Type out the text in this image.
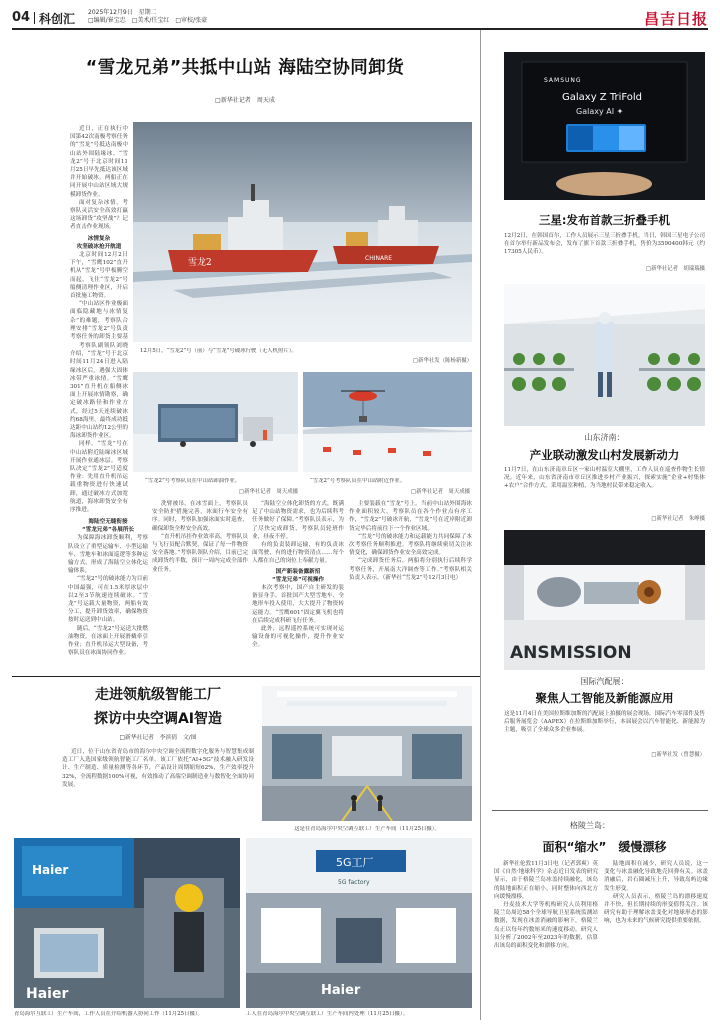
04 科创汇 2025年12月9日 星期二
□编辑/崔宝忠　□美术/任宝红　□审校/张豪	昌吉日报
“雪龙兄弟”共抵中山站 海陆空协同卸货
□新华社记者　周天成

近日，正在执行中国第42次南极考察任务的“雪龙”号抵达南极中山站外围陆缘冰。“雪龙2”号于北京时间11月25日早先抵达该区域并开始破冰。两船正在同开展中山站区域大规模卸货作业。

面对复杂冰情，考察队灵活安全高效打赢这场卸货“攻坚战”？记者直击作业现场。

冰情复杂

攻坚破冰抢开航道

北京时间12月2日下午，“雪鹰102”直升机从“雪龙”号甲板腾空而起，飞往“雪龙2”号船侧清理作业区，开启首批施工物资。

“中山站区作业极面面临隐藏地与冰情复杂”的难题，考察队合理安排“雪龙2”号负责考察任务的卸货主要基

雪龙2	CHINARE
12月5日，“雪龙2”号（前）与“雪龙”号破冰行驶（无人机照片）。
□新华社发（陈杨新摄）

考察队副领队刘晓介绍，“雪龙”号于北京时间11月24日进入陆缘冰区后，遇强大固体冰带严重冰情。“雪鹰301”直升机在船侧冰面上开展冰情勘察，确定破冰路径和作业方式，经过5天连续破冰约68海里，最终成功抵达距中山站约12公里的海冰卸货作业区。

同样，“雪龙”号在中山站附近陆缘冰区域开展作业通冰层。考察队决定“雪龙2”号适度作业：先用直升机吊运载重物资进行快速试卸，通过破冰方式加宽航道，海冰卸货安全有序推进。

“雪龙2”号考察队员在中山站卸油作业。
□新华社记者　周天成摄
“雪龙2”号考察队员在中山站附近作业。
□新华社记者　周天成摄

海陆空无缝衔接

“雪龙兄弟”各展所长

为保障海冰卸货顺利，考察队设立了重型运输车、小型运输车、雪地车和冰面巡逻等多种运输方式，形成了海陆空立体化运输体系。

“雪龙2”号的破冰能力为目前中国最强，可在1.5米厚冰层中以2至3节航速连续破冰。“雪龙”号运载大量物资，两船有效分工，提升卸货效率，确保物资按时运送到中山站。

随后，“雪龙2”号运送大批燃油物资，在冰面上开展滑橇牵引作业；直升机吊运大型设备，考察队员在冰面协同作业。

洗臂被吊。在冰雪面上，考察队员安全防护措施完善，冰面行车安全有序。同时，考察队加强冰面实时巡查，确保卸货全程安全高效。

“直升机吊挂作业效率高，考察队员与飞行员配合默契，保证了每一件物资安全落地。”考察队领队介绍，目前已完成卸货约半数，预计一周内完成全部作业任务。

“海陆空立体化卸货的方式，既满足了中山站物资需求，也为后续科考任务做好了保障。”考察队员表示，为了尽快完成卸货，考察队员轮班作业，昼夜不停。

有的负责装卸运输，有的负责冰面驾驶，有的进行物资清点……每个人都在自己的岗位上奉献力量。

国产新装备露新招

“雪龙兄弟”可视操作

本次考察中，国产自主研发的装备显身手。首批国产大型雪地车、全地形车投入使用，大大提升了物资转运能力。“雪鹰601”固定翼飞机也将在后续完成科研飞行任务。

此外，远程遥控系统可实现对运输设备的可视化操作，提升作业安全。

主要装载在“雪龙”号上。当前中山站外围海冰作业面积较大，考察队员在各个作业点有序工作，“雪龙2”号破冰开航，“雪龙”号在近岸附近卸货完毕后将前往下一个作业区域。

“雪龙”号的破冰能力和运载能力共同保障了本次考察任务顺利推进。考察队将继续密切关注冰情变化，确保卸货作业安全高效完成。

“完成卸货任务后，两船将分别执行后续科学考察任务，开展南大洋调查等工作。”考察队相关负责人表示。（新华社“雪龙2”号12月3日电）

走进领航级智能工厂
探访中央空调AI智造
□新华社记者　李滨倩　文/图

近日，位于山东省青岛市的海尔中央空调全流程数字化服务与智慧集成制造工厂入选国家级领航智能工厂名单。该工厂依托“AI+5G”技术融入研发设计、生产制造、质量检测等各环节，产品设计周期缩短62%，生产效率提升32%，全流程数据100%可视，有效推动了高端空调制造业与数智化全面协同发展。

这是在青岛海尔中央空调互联工厂生产车间（11月25日摄）。
Haier
Haier
青岛海尔互联工厂生产车间，工作人员在介绍机器人协同工作（11月25日摄）。
5G工厂
5G factory
Haier
工人在青岛海尔中央空调互联工厂生产车间内处理（11月25日摄）。
SAMSUNG
Galaxy Z TriFold
Galaxy AI ✦
三星:发布首款三折叠手机
12月2日，在韩国首尔，工作人员展示三星三折叠手机。当日，韩国三星电子公司在首尔举行新品发布会，发布了旗下首款三折叠手机，售价为3590400韩元（约17305人民币）。
□新华社记者　胡瑞瑞摄
山东济南：
产业联动激发山村发展新动力
11月7日，在山东济南章丘区一家山村温室大棚里，工作人员在巡查作物生长情况。近年来，山东省济南市章丘区推进乡村产业振兴，探索实施“企业+村集体+农户”合作方式，采用温室种植，为当地村民带来稳定收入。
□新华社记者　朱峥摄
ANSMISSION
国际汽配展：
聚焦人工智能及新能源应用
这是11月4日在美国拉斯维加斯的汽配展上拍摄的展会现场。国际汽车零部件及售后服务展览会（AAPEX）在拉斯维加斯举行，本届展会以汽车智能化、新能源为主题，吸引了全球众多企业参展。
□新华社发（曾慧摄）
格陵兰岛：
面积“缩水”　缓慢漂移

新华社伦敦11月3日电（记者郭爽）英国《自然·地球科学》杂志近日发表的研究显示，由于格陵兰岛冰盖持续融化，该岛的陆地面积正在缩小，同时整体向西北方向缓慢漂移。

丹麦技术大学等机构研究人员利用格陵兰岛周边58个全球导航卫星系统监测站数据，发现在冰盖消融的影响下，格陵兰岛正以每年约数厘米的速度移动。研究人员分析了2002年至2023年的数据，估算出该岛的面积变化和漂移方向。

陆地面积在减少，研究人员说，这一变化与冰盖融化导致地壳回弹有关。冰盖消融后，岩石圈减压上升，导致岛屿边缘发生形变。

研究人员表示，格陵兰岛的漂移速度并不快，但长期持续的形变值得关注。该研究有助于理解冰盖变化对地球形态的影响，也为未来的气候研究提供重要依据。
